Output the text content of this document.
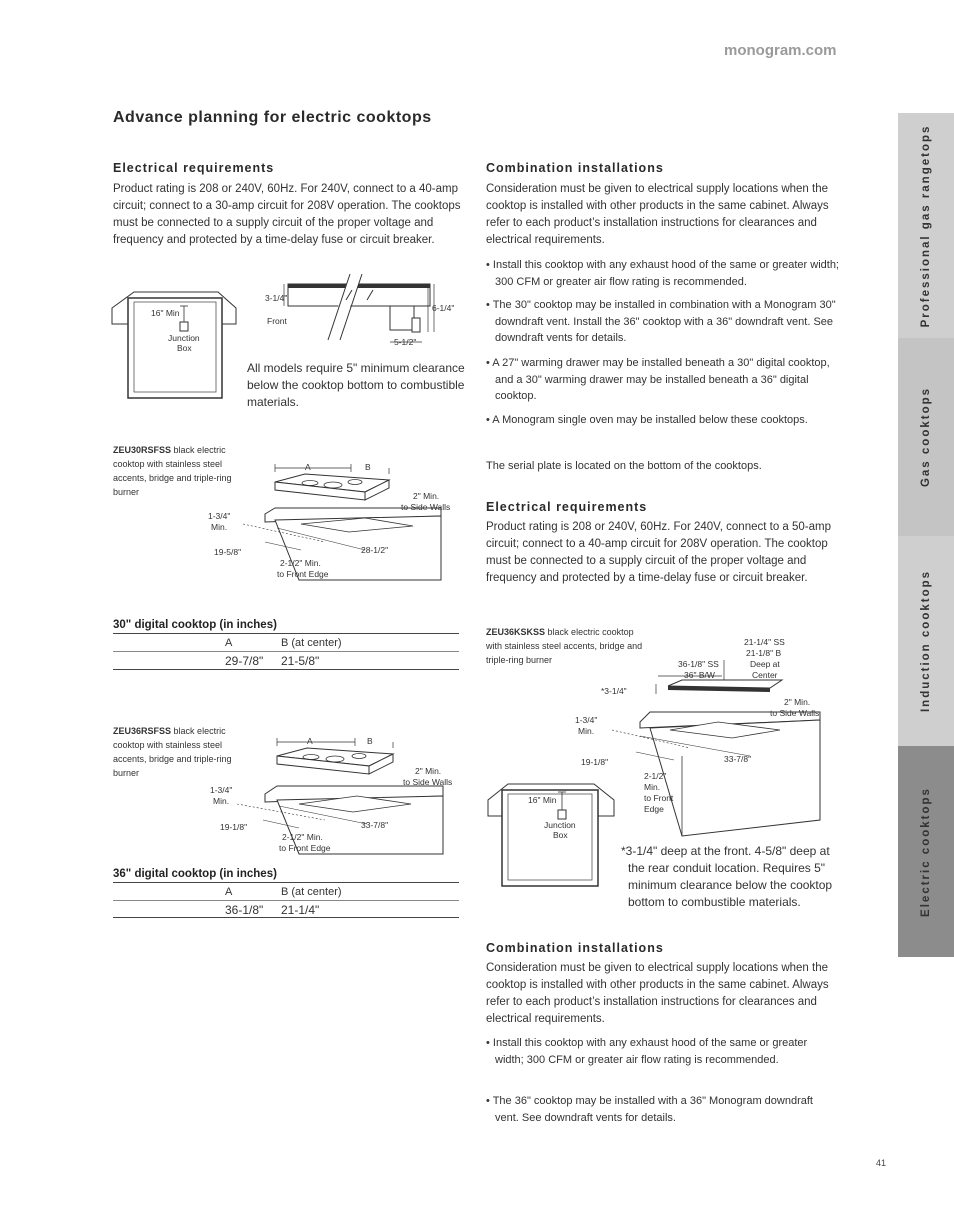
monogram.com
Advance planning for electric cooktops
Electrical requirements

Product rating is 208 or 240V, 60Hz. For 240V, connect to a 40-amp circuit; connect to a 30-amp circuit for 208V operation. The cooktops must be connected to a supply circuit of the proper voltage and frequency and protected by a time-delay fuse or circuit breaker.

16" Min
Junction
Box
3-1/4"
Front
6-1/4"
5-1/2"

All models require 5" minimum clearance below the cooktop bottom to combustible materials.

ZEU30RSFSS black electric cooktop with stainless steel accents, bridge and triple-ring burner

A	B
2" Min.
to Side Walls
1-3/4"
Min.
19-5/8"	28-1/2"
2-1/2" Min.
to Front Edge
30" digital cooktop (in inches)
A	B (at center)
29-7/8" 21-5/8"

ZEU36RSFSS black electric cooktop with stainless steel accents, bridge and triple-ring burner

A	B
2" Min.
to Side Walls
1-3/4"
Min.
19-1/8"	33-7/8"
2-1/2" Min.
to Front Edge
36" digital cooktop (in inches)
A	B (at center)
36-1/8" 21-1/4"
Combination installations

Consideration must be given to electrical supply locations when the cooktop is installed with other products in the same cabinet. Always refer to each product’s installation instructions for clearances and electrical requirements.

• Install this cooktop with any exhaust hood of the same or greater width; 300 CFM or greater air flow rating is recommended.

• The 30" cooktop may be installed in combination with a Monogram 30" downdraft vent. Install the 36" cooktop with a 36" downdraft vent. See downdraft vents for details.

• A 27" warming drawer may be installed beneath a 30" digital cooktop, and a 30" warming drawer may be installed beneath a 36" digital cooktop.

• A Monogram single oven may be installed below these cooktops.

The serial plate is located on the bottom of the cooktops.

Electrical requirements

Product rating is 208 or 240V, 60Hz. For 240V, connect to a 50-amp circuit; connect to a 40-amp circuit for 208V operation. The cooktop must be connected to a supply circuit of the proper voltage and frequency and protected by a time-delay fuse or circuit breaker.

ZEU36KSKSS black electric cooktop with stainless steel accents, bridge and triple-ring burner

21-1/4" SS
21-1/8" B
Deep at
Center
36-1/8" SS
36" B/W
*3-1/4"
2" Min.
to Side Walls
1-3/4"
Min.
19-1/8"	33-7/8"
2-1/2"
Min.
to Front
Edge
16" Min
Junction
Box

*3-1/4" deep at the front. 4-5/8" deep at the rear conduit location. Requires 5" minimum clearance below the cooktop bottom to combustible materials.

Combination installations

Consideration must be given to electrical supply locations when the cooktop is installed with other products in the same cabinet. Always refer to each product’s installation instructions for clearances and electrical requirements.

• Install this cooktop with any exhaust hood of the same or greater width; 300 CFM or greater air flow rating is recommended.

• The 36" cooktop may be installed with a 36" Monogram downdraft vent. See downdraft vents for details.

Professional gas rangetops
Gas cooktops
Induction cooktops
Electric cooktops
41
